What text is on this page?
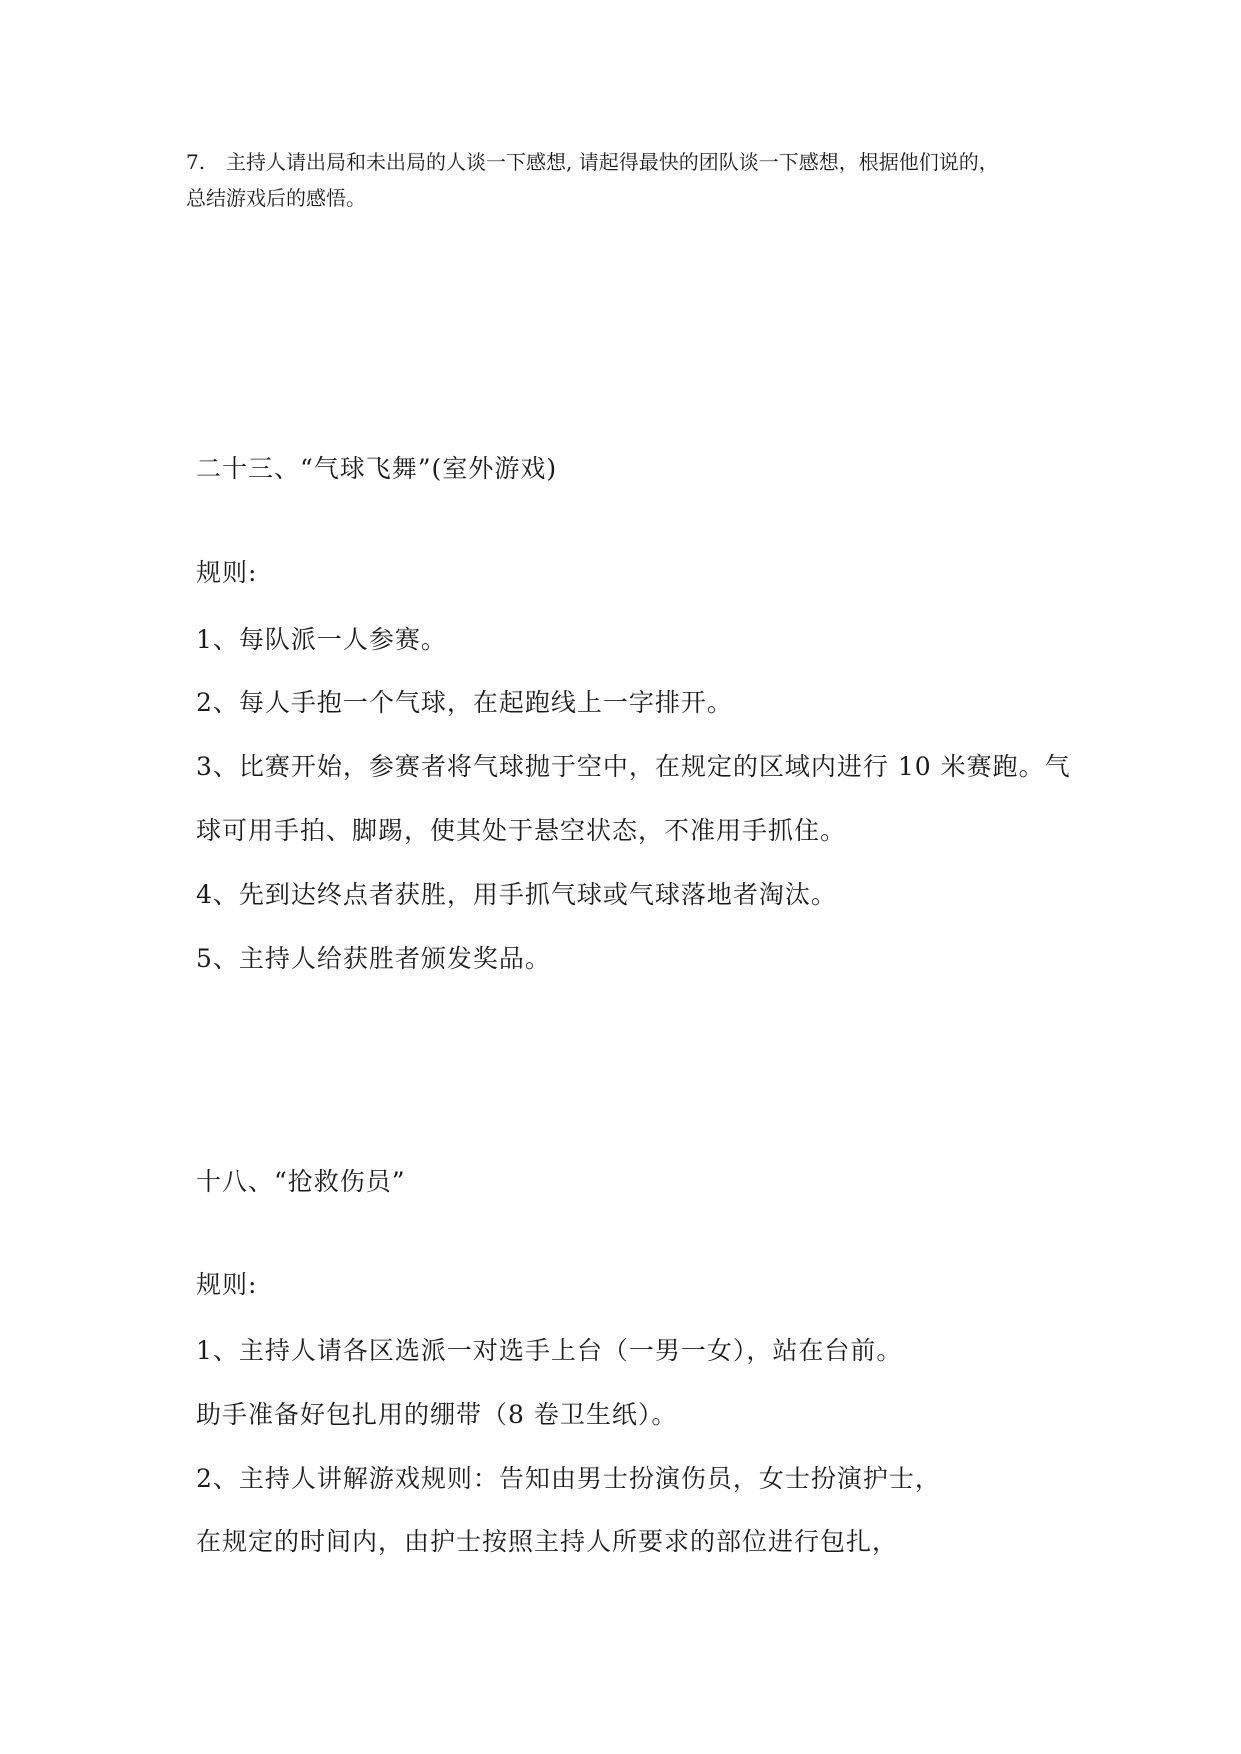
7. 主持人请出局和未出局的人谈一下感想, 请起得最快的团队谈一下感想，根据他们说的，

总结游戏后的感悟。

二十三、“气球飞舞”(室外游戏)

规则:

1、每队派一人参赛。

2、每人手抱一个气球，在起跑线上一字排开。

3、比赛开始，参赛者将气球抛于空中，在规定的区域内进行 10 米赛跑。气

球可用手拍、脚踢，使其处于悬空状态，不准用手抓住。

4、先到达终点者获胜，用手抓气球或气球落地者淘汰。

5、主持人给获胜者颁发奖品。

十八、“抢救伤员”

规则:

1、主持人请各区选派一对选手上台（一男一女），站在台前。

助手准备好包扎用的绷带（8 卷卫生纸）。

2、主持人讲解游戏规则：告知由男士扮演伤员，女士扮演护士，

在规定的时间内，由护士按照主持人所要求的部位进行包扎，
